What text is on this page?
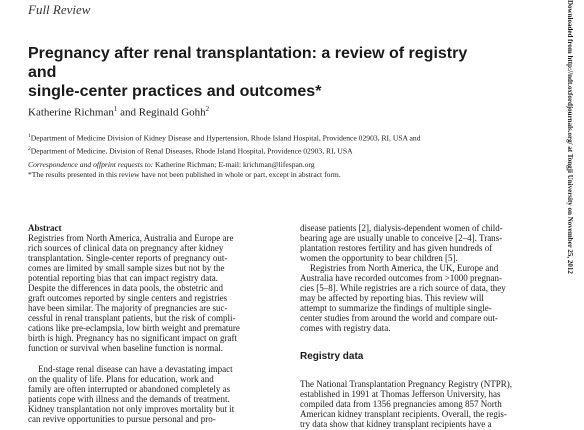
Full Review
Pregnancy after renal transplantation: a review of registry and
single-center practices and outcomes*
Katherine Richman$^1$ and Reginald Gohh$^2$
$^1$Department of Medicine Division of Kidney Disease and Hypertension, Rhode Island Hospital, Providence 02903, RI, USA and
$^2$Department of Medicine, Division of Renal Diseases, Rhode Island Hospital, Providence 02903, RI, USA
Correspondence and offprint requests to: Katherine Richman; E-mail: krichman@lifespan.org
*The results presented in this review have not been published in whole or part, except in abstract form.
Abstract
Registries from North America, Australia and Europe are
rich sources of clinical data on pregnancy after kidney
transplantation. Single-center reports of pregnancy out-
comes are limited by small sample sizes but not by the
potential reporting bias that can impact registry data.
Despite the differences in data pools, the obstetric and
graft outcomes reported by single centers and registries
have been similar. The majority of pregnancies are suc-
cessful in renal transplant patients, but the risk of compli-
cations like pre-eclampsia, low birth weight and premature
birth is high. Pregnancy has no significant impact on graft
function or survival when baseline function is normal.
End-stage renal disease can have a devastating impact
on the quality of life. Plans for education, work and
family are often interrupted or abandoned completely as
patients cope with illness and the demands of treatment.
Kidney transplantation not only improves mortality but it
can revive opportunities to pursue personal and pro-
disease patients [2], dialysis-dependent women of child-
bearing age are usually unable to conceive [2–4]. Trans-
plantation restores fertility and has given hundreds of
women the opportunity to bear children [5].
Registries from North America, the UK, Europe and
Australia have recorded outcomes from >1000 pregnan-
cies [5–8]. While registries are a rich source of data, they
may be affected by reporting bias. This review will
attempt to summarize the findings of multiple single-
center studies from around the world and compare out-
comes with registry data.
Registry data
The National Transplantation Pregnancy Registry (NTPR),
established in 1991 at Thomas Jefferson University, has
compiled data from 1356 pregnancies among 857 North
American kidney transplant recipients. Overall, the regis-
try data show that kidney transplant recipients have a
Downloaded from http://ndt.oxfordjournals.org/ at Tongji University on November 25, 2012
